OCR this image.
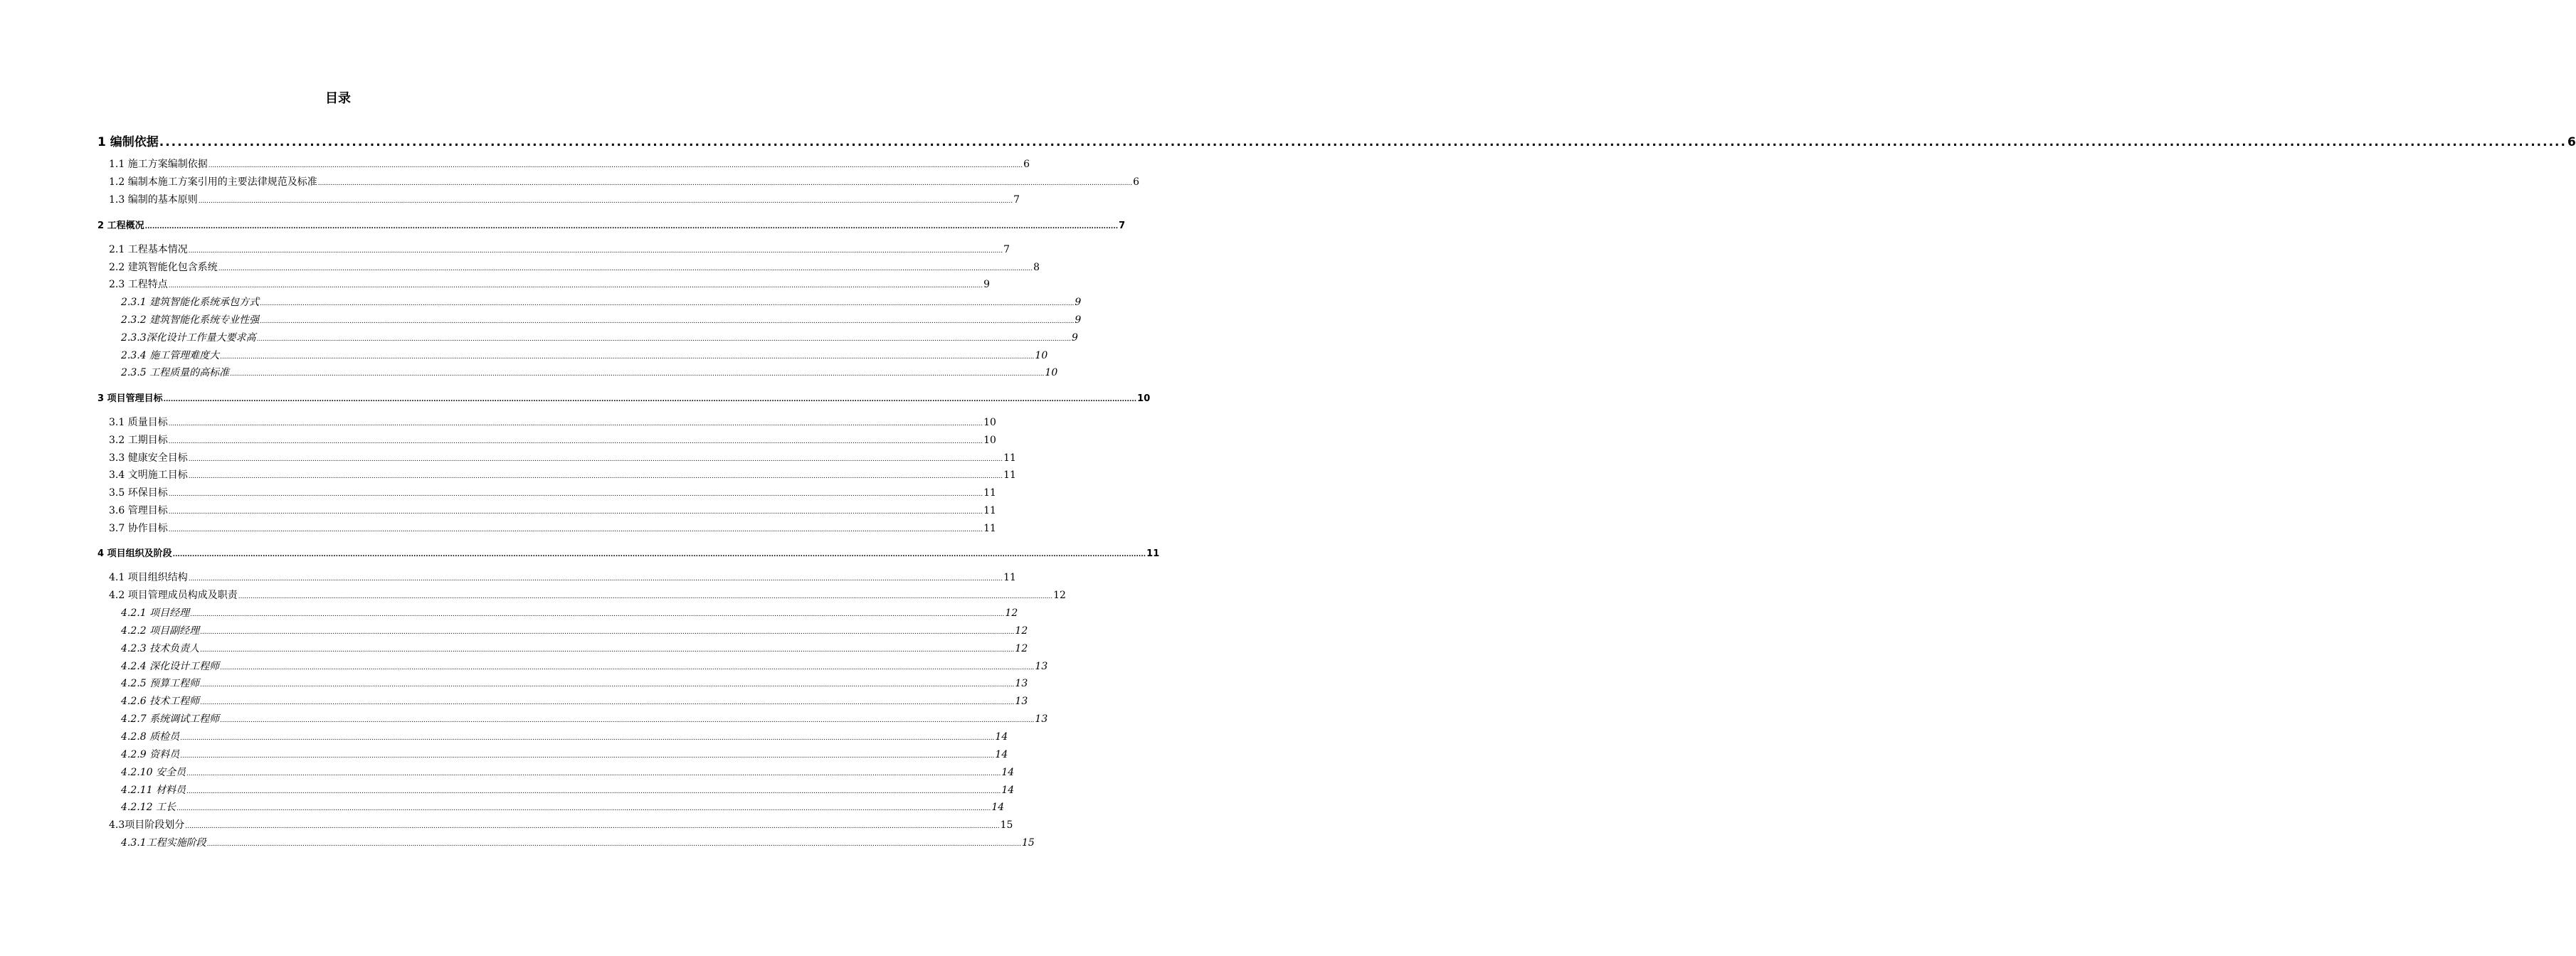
目录
1 编制依据 ................................................................................................................................................................................................................................................................................................................................................................................................................ 6
1.1 施工方案编制依据 ................................................................................................................................................................................................................................................................................................................................................................................................................ 6
1.2 编制本施工方案引用的主要法律规范及标准 ................................................................................................................................................................................................................................................................................................................................................................................................................ 6
1.3 编制的基本原则 ................................................................................................................................................................................................................................................................................................................................................................................................................ 7
2 工程概况 ................................................................................................................................................................................................................................................................................................................................................................................................................ 7
2.1 工程基本情况 ................................................................................................................................................................................................................................................................................................................................................................................................................ 7
2.2 建筑智能化包含系统 ................................................................................................................................................................................................................................................................................................................................................................................................................ 8
2.3 工程特点 ................................................................................................................................................................................................................................................................................................................................................................................................................ 9
2.3.1 建筑智能化系统承包方式 ................................................................................................................................................................................................................................................................................................................................................................................................................ 9
2.3.2 建筑智能化系统专业性强 ................................................................................................................................................................................................................................................................................................................................................................................................................ 9
2.3.3深化设计工作量大要求高 ................................................................................................................................................................................................................................................................................................................................................................................................................ 9
2.3.4 施工管理难度大 ................................................................................................................................................................................................................................................................................................................................................................................................................ 10
2.3.5 工程质量的高标准 ................................................................................................................................................................................................................................................................................................................................................................................................................ 10
3 项目管理目标 ................................................................................................................................................................................................................................................................................................................................................................................................................ 10
3.1 质量目标 ................................................................................................................................................................................................................................................................................................................................................................................................................ 10
3.2 工期目标 ................................................................................................................................................................................................................................................................................................................................................................................................................ 10
3.3 健康安全目标 ................................................................................................................................................................................................................................................................................................................................................................................................................ 11
3.4 文明施工目标 ................................................................................................................................................................................................................................................................................................................................................................................................................ 11
3.5 环保目标 ................................................................................................................................................................................................................................................................................................................................................................................................................ 11
3.6 管理目标 ................................................................................................................................................................................................................................................................................................................................................................................................................ 11
3.7 协作目标 ................................................................................................................................................................................................................................................................................................................................................................................................................ 11
4 项目组织及阶段 ................................................................................................................................................................................................................................................................................................................................................................................................................ 11
4.1 项目组织结构 ................................................................................................................................................................................................................................................................................................................................................................................................................ 11
4.2 项目管理成员构成及职责 ................................................................................................................................................................................................................................................................................................................................................................................................................ 12
4.2.1 项目经理 ................................................................................................................................................................................................................................................................................................................................................................................................................ 12
4.2.2 项目副经理 ................................................................................................................................................................................................................................................................................................................................................................................................................ 12
4.2.3 技术负责人 ................................................................................................................................................................................................................................................................................................................................................................................................................ 12
4.2.4 深化设计工程师 ................................................................................................................................................................................................................................................................................................................................................................................................................ 13
4.2.5 预算工程师 ................................................................................................................................................................................................................................................................................................................................................................................................................ 13
4.2.6 技术工程师 ................................................................................................................................................................................................................................................................................................................................................................................................................ 13
4.2.7 系统调试工程师 ................................................................................................................................................................................................................................................................................................................................................................................................................ 13
4.2.8 质检员 ................................................................................................................................................................................................................................................................................................................................................................................................................ 14
4.2.9 资料员 ................................................................................................................................................................................................................................................................................................................................................................................................................ 14
4.2.10 安全员 ................................................................................................................................................................................................................................................................................................................................................................................................................ 14
4.2.11 材料员 ................................................................................................................................................................................................................................................................................................................................................................................................................ 14
4.2.12 工长 ................................................................................................................................................................................................................................................................................................................................................................................................................ 14
4.3项目阶段划分 ................................................................................................................................................................................................................................................................................................................................................................................................................ 15
4.3.1工程实施阶段 ................................................................................................................................................................................................................................................................................................................................................................................................................ 15
